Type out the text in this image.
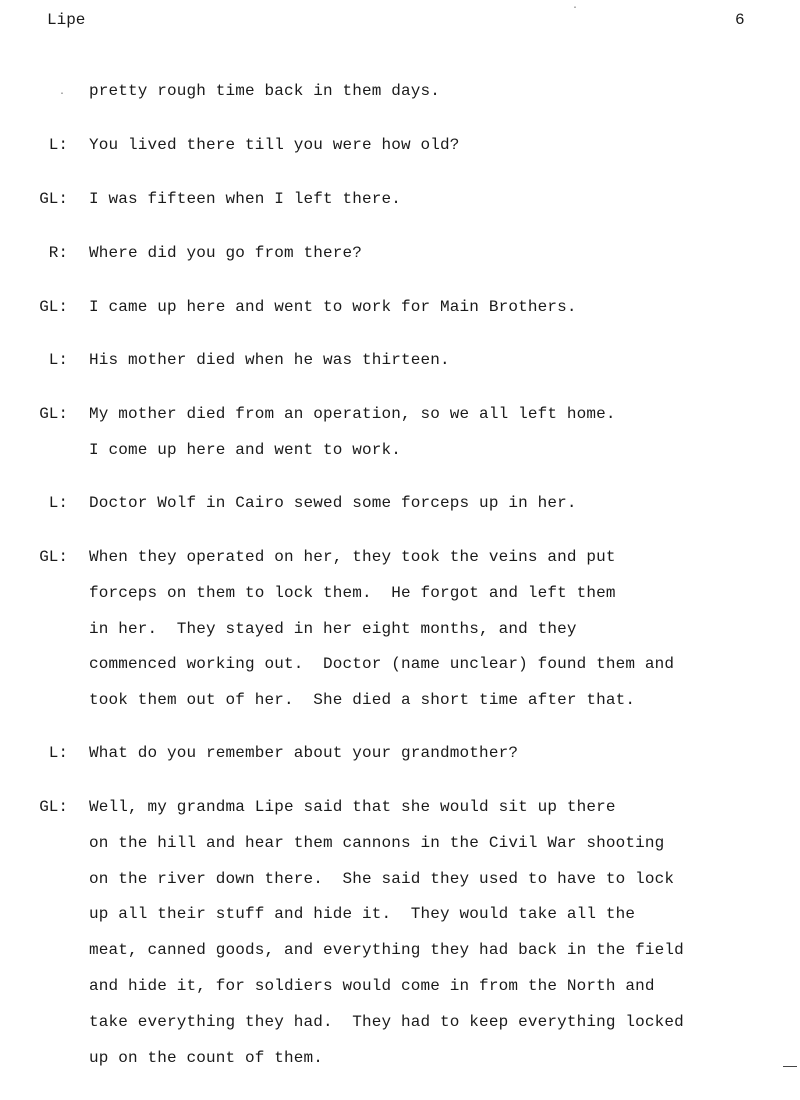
Lipe	6
.
.
pretty rough time back in them days.
L: You lived there till you were how old?
GL: I was fifteen when I left there.
R: Where did you go from there?
GL: I came up here and went to work for Main Brothers.
L: His mother died when he was thirteen.
GL: My mother died from an operation, so we all left home.
I come up here and went to work.
L: Doctor Wolf in Cairo sewed some forceps up in her.
GL: When they operated on her, they took the veins and put
forceps on them to lock them.  He forgot and left them
in her.  They stayed in her eight months, and they
commenced working out.  Doctor (name unclear) found them and
took them out of her.  She died a short time after that.
L: What do you remember about your grandmother?
GL: Well, my grandma Lipe said that she would sit up there
on the hill and hear them cannons in the Civil War shooting
on the river down there.  She said they used to have to lock
up all their stuff and hide it.  They would take all the
meat, canned goods, and everything they had back in the field
and hide it, for soldiers would come in from the North and
take everything they had.  They had to keep everything locked
up on the count of them.
